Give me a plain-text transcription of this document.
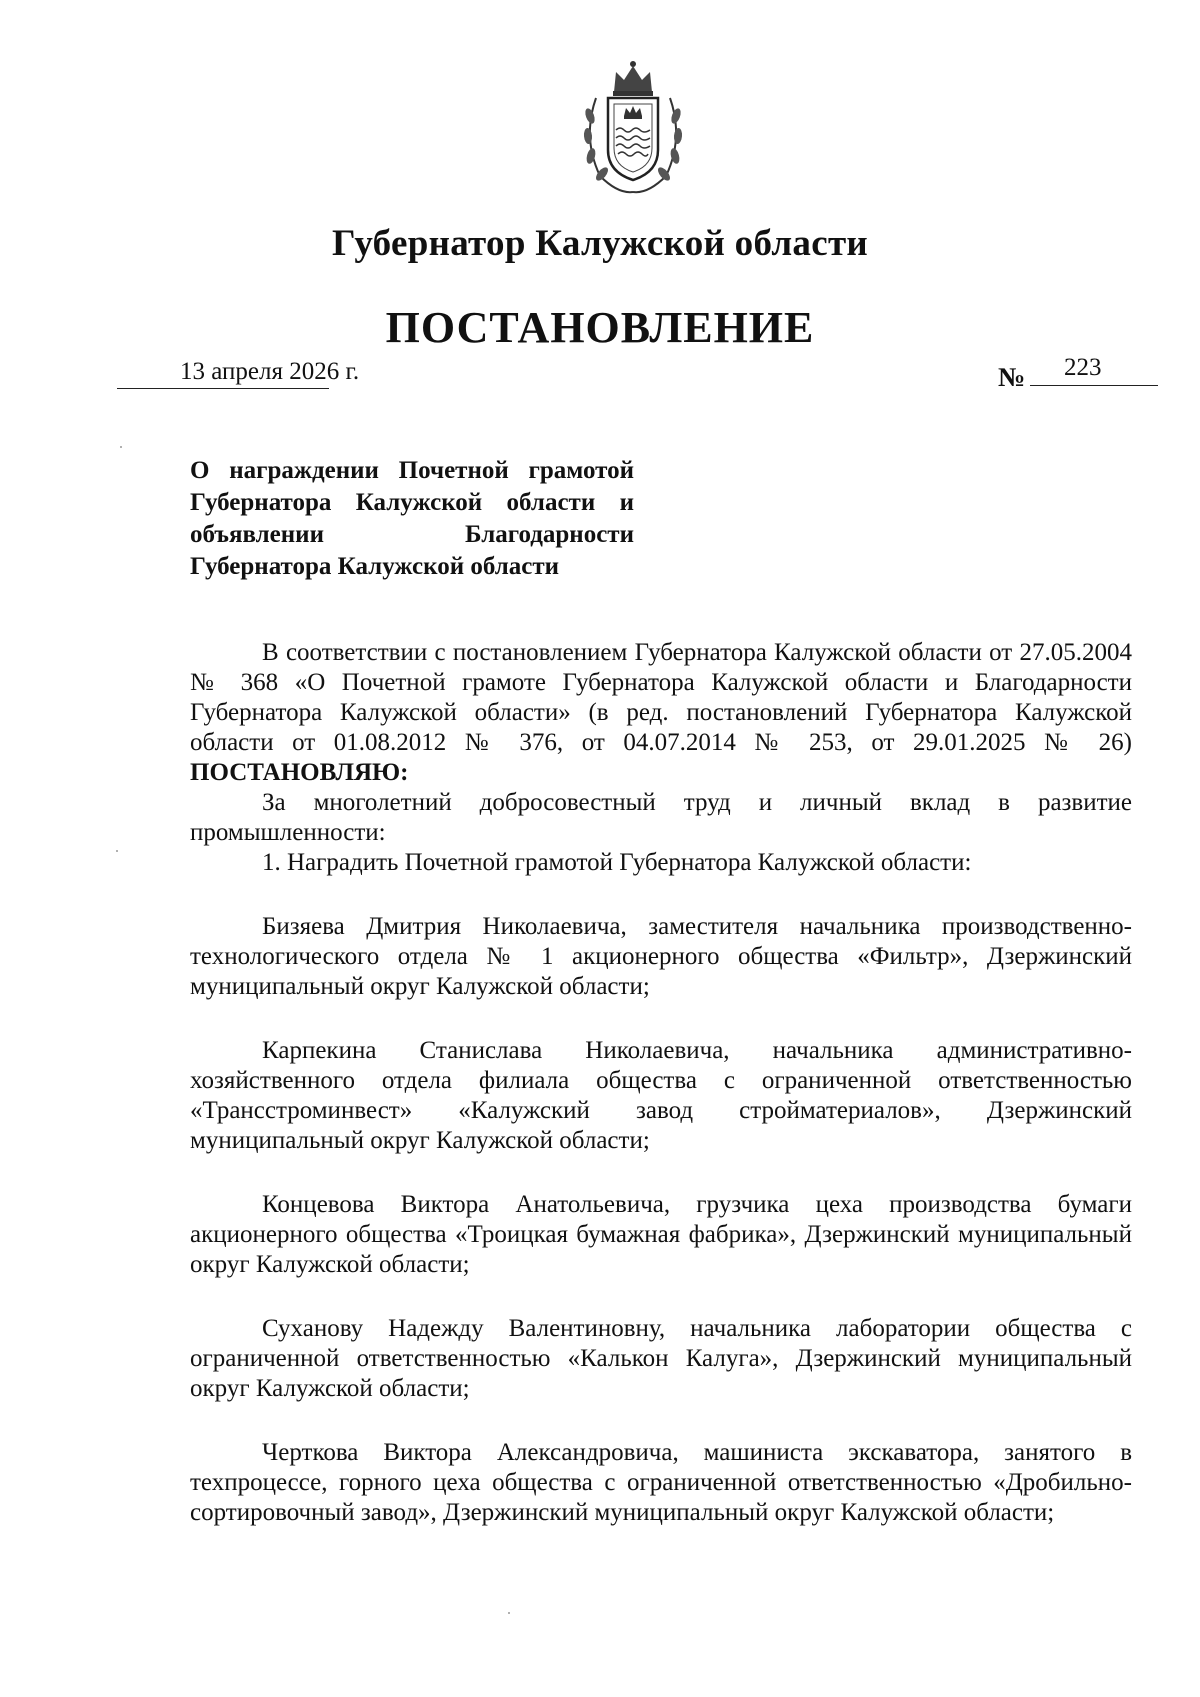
Губернатор Калужской области
ПОСТАНОВЛЕНИЕ
13 апреля 2026 г.	№ 223
О награждении Почетной грамотой Губернатора Калужской области и объявлении Благодарности Губернатора Калужской области

В соответствии с постановлением Губернатора Калужской области от 27.05.2004 № 368 «О Почетной грамоте Губернатора Калужской области и Благодарности Губернатора Калужской области» (в ред. постановлений Губернатора Калужской области от 01.08.2012 № 376, от 04.07.2014 № 253, от 29.01.2025 № 26) ПОСТАНОВЛЯЮ:

За многолетний добросовестный труд и личный вклад в развитие промышленности:

1. Наградить Почетной грамотой Губернатора Калужской области:

Бизяева Дмитрия Николаевича, заместителя начальника производственно-технологического отдела № 1 акционерного общества «Фильтр», Дзержинский муниципальный округ Калужской области;

Карпекина Станислава Николаевича, начальника административно-хозяйственного отдела филиала общества с ограниченной ответственностью «Трансстроминвест» «Калужский завод стройматериалов», Дзержинский муниципальный округ Калужской области;

Концевова Виктора Анатольевича, грузчика цеха производства бумаги акционерного общества «Троицкая бумажная фабрика», Дзержинский муниципальный округ Калужской области;

Суханову Надежду Валентиновну, начальника лаборатории общества с ограниченной ответственностью «Калькон Калуга», Дзержинский муниципальный округ Калужской области;

Черткова Виктора Александровича, машиниста экскаватора, занятого в техпроцессе, горного цеха общества с ограниченной ответственностью «Дробильно-сортировочный завод», Дзержинский муниципальный округ Калужской области;
